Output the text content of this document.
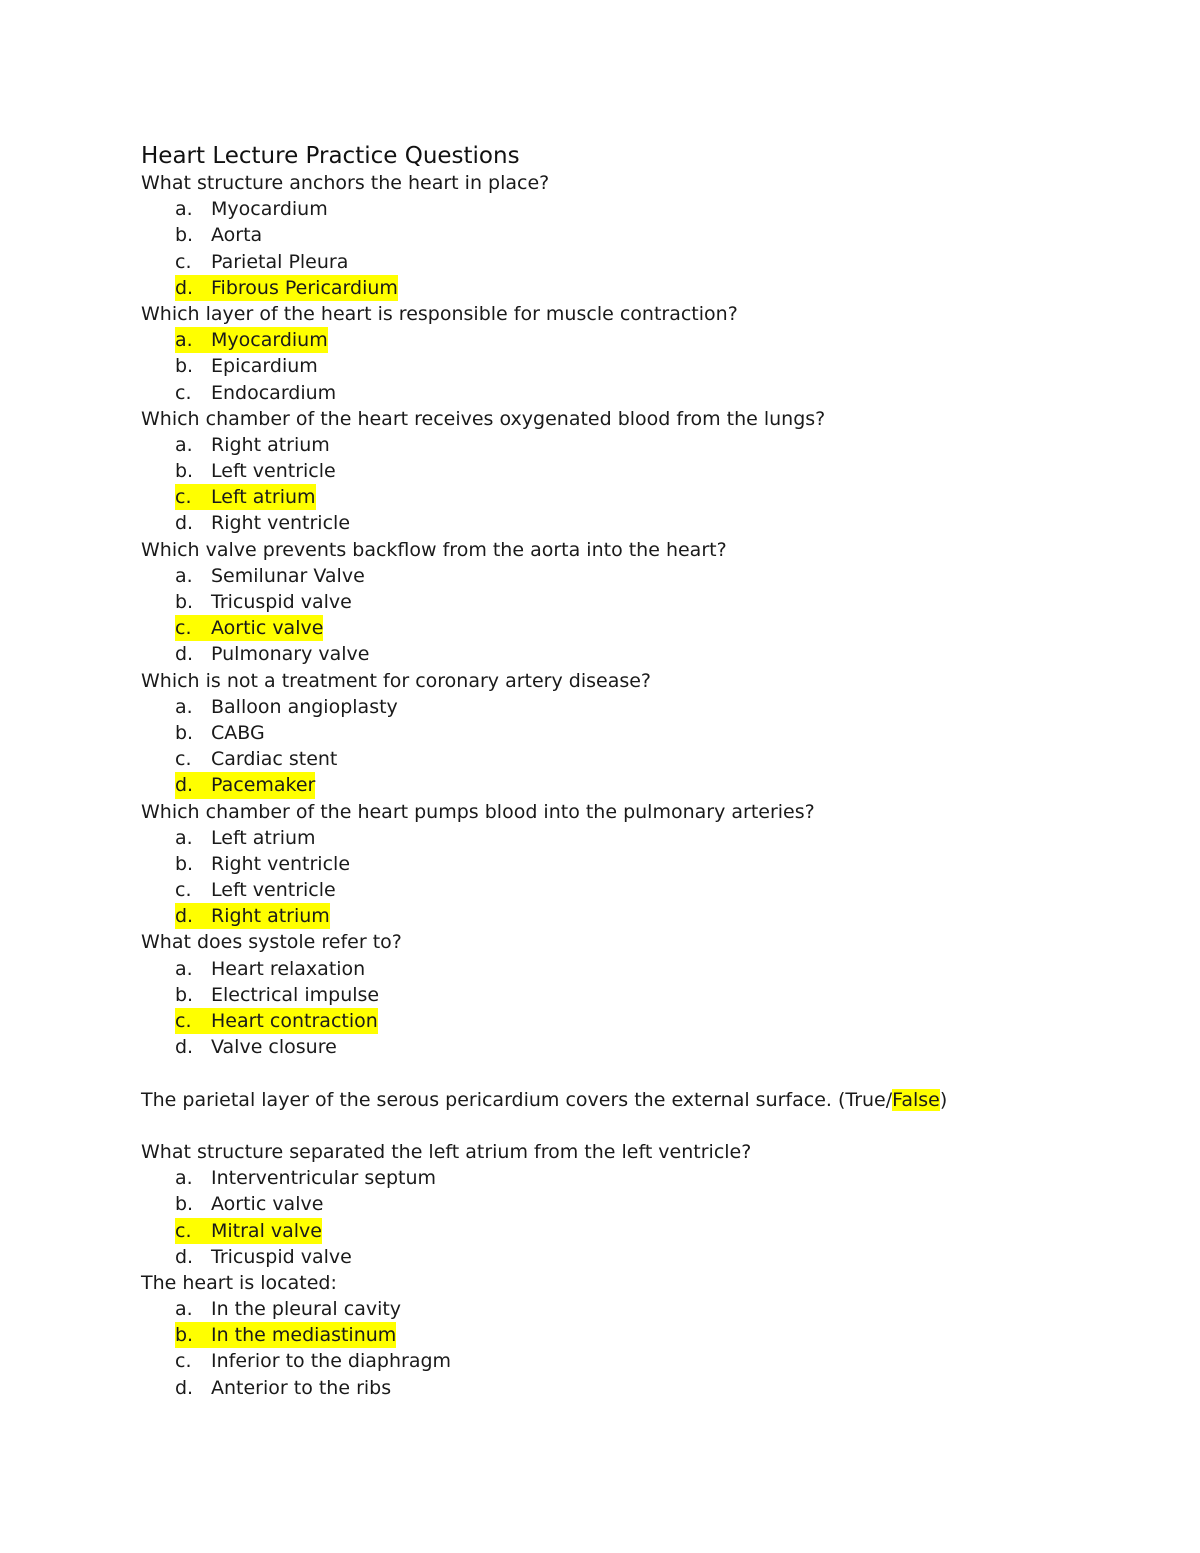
Heart Lecture Practice Questions
What structure anchors the heart in place?
a. Myocardium
b. Aorta
c. Parietal Pleura
d. Fibrous Pericardium
Which layer of the heart is responsible for muscle contraction?
a. Myocardium
b. Epicardium
c. Endocardium
Which chamber of the heart receives oxygenated blood from the lungs?
a. Right atrium
b. Left ventricle
c. Left atrium
d. Right ventricle
Which valve prevents backflow from the aorta into the heart?
a. Semilunar Valve
b. Tricuspid valve
c. Aortic valve
d. Pulmonary valve
Which is not a treatment for coronary artery disease?
a. Balloon angioplasty
b. CABG
c. Cardiac stent
d. Pacemaker
Which chamber of the heart pumps blood into the pulmonary arteries?
a. Left atrium
b. Right ventricle
c. Left ventricle
d. Right atrium
What does systole refer to?
a. Heart relaxation
b. Electrical impulse
c. Heart contraction
d. Valve closure
The parietal layer of the serous pericardium covers the external surface. (True/False)
What structure separated the left atrium from the left ventricle?
a. Interventricular septum
b. Aortic valve
c. Mitral valve
d. Tricuspid valve
The heart is located:
a. In the pleural cavity
b. In the mediastinum
c. Inferior to the diaphragm
d. Anterior to the ribs
